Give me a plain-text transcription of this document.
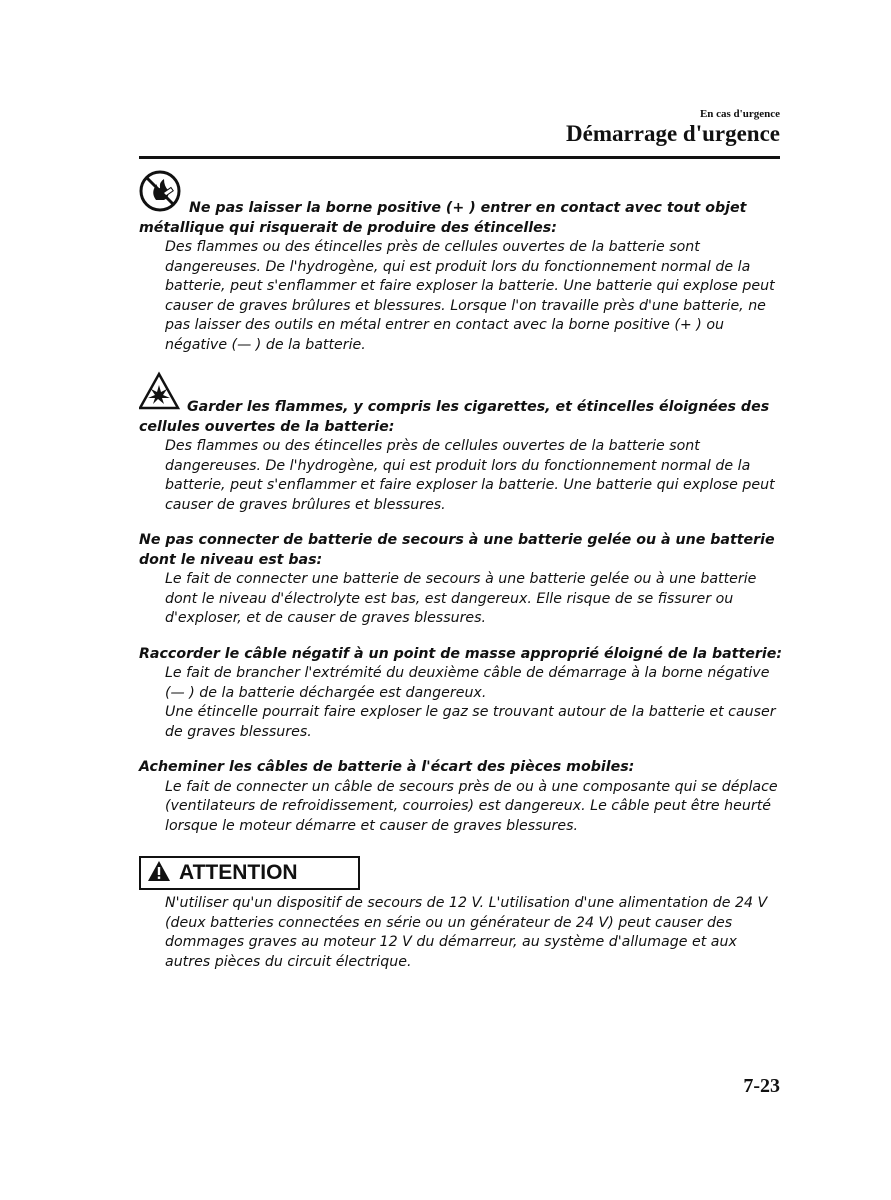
En cas d'urgence
Démarrage d'urgence
Ne pas laisser la borne positive (+ ) entrer en contact avec tout objet métallique qui risquerait de produire des étincelles:

Des flammes ou des étincelles près de cellules ouvertes de la batterie sont dangereuses. De l'hydrogène, qui est produit lors du fonctionnement normal de la batterie, peut s'enflammer et faire exploser la batterie. Une batterie qui explose peut causer de graves brûlures et blessures. Lorsque l'on travaille près d'une batterie, ne pas laisser des outils en métal entrer en contact avec la borne positive (+ ) ou négative (— ) de la batterie.

Garder les flammes, y compris les cigarettes, et étincelles éloignées des cellules ouvertes de la batterie:

Des flammes ou des étincelles près de cellules ouvertes de la batterie sont dangereuses. De l'hydrogène, qui est produit lors du fonctionnement normal de la batterie, peut s'enflammer et faire exploser la batterie. Une batterie qui explose peut causer de graves brûlures et blessures.

Ne pas connecter de batterie de secours à une batterie gelée ou à une batterie dont le niveau est bas:

Le fait de connecter une batterie de secours à une batterie gelée ou à une batterie dont le niveau d'électrolyte est bas, est dangereux. Elle risque de se fissurer ou d'exploser, et de causer de graves blessures.

Raccorder le câble négatif à un point de masse approprié éloigné de la batterie:

Le fait de brancher l'extrémité du deuxième câble de démarrage à la borne négative (— ) de la batterie déchargée est dangereux.

Une étincelle pourrait faire exploser le gaz se trouvant autour de la batterie et causer de graves blessures.

Acheminer les câbles de batterie à l'écart des pièces mobiles:

Le fait de connecter un câble de secours près de ou à une composante qui se déplace (ventilateurs de refroidissement, courroies) est dangereux. Le câble peut être heurté lorsque le moteur démarre et causer de graves blessures.

ATTENTION

N'utiliser qu'un dispositif de secours de 12 V. L'utilisation d'une alimentation de 24 V (deux batteries connectées en série ou un générateur de 24 V) peut causer des dommages graves au moteur 12 V du démarreur, au système d'allumage et aux autres pièces du circuit électrique.

7-23
